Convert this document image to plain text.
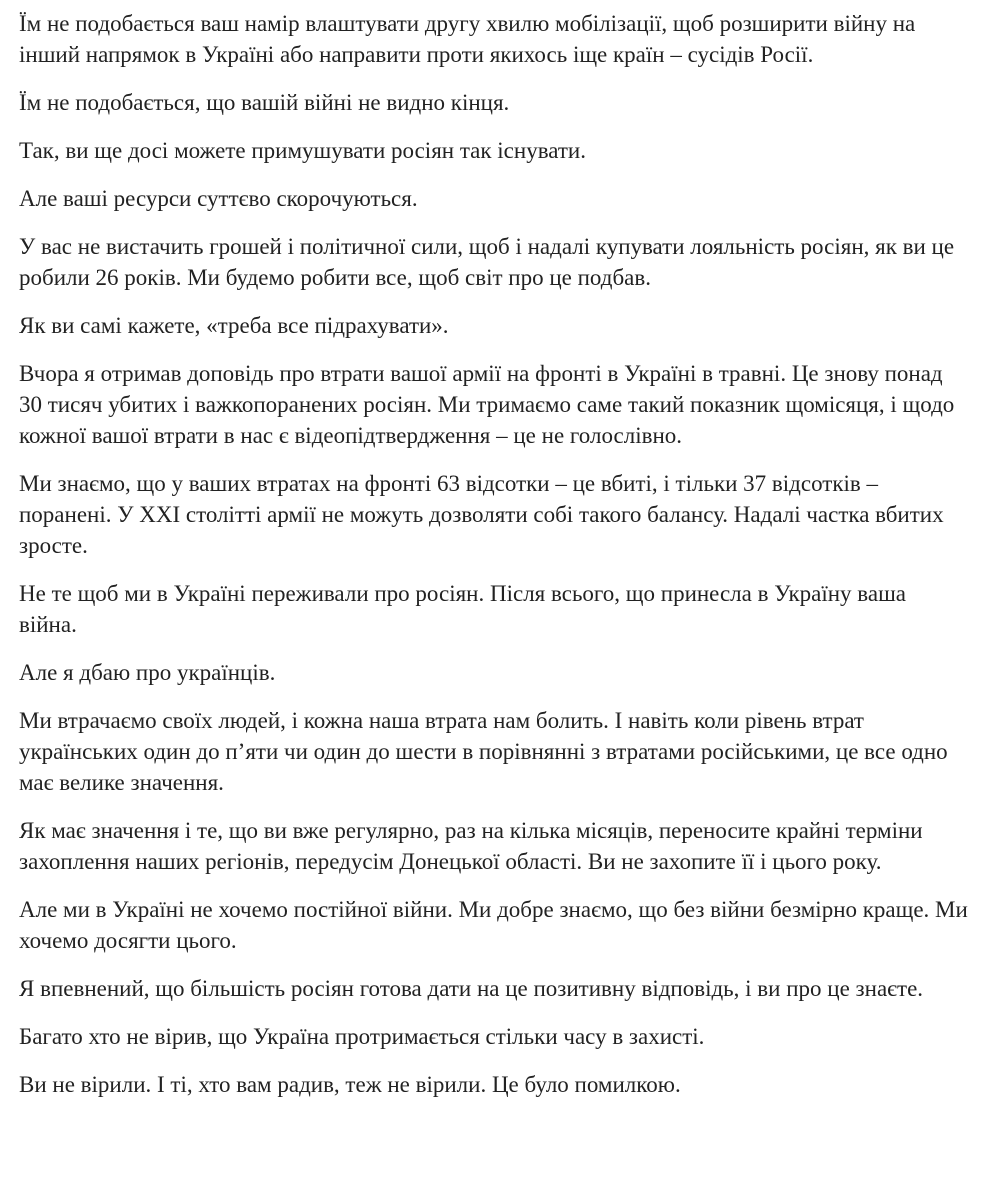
Їм не подобається ваш намір влаштувати другу хвилю мобілізації, щоб розширити війну на інший напрямок в Україні або направити проти якихось іще країн – сусідів Росії.

Їм не подобається, що вашій війні не видно кінця.

Так, ви ще досі можете примушувати росіян так існувати.

Але ваші ресурси суттєво скорочуються.

У вас не вистачить грошей і політичної сили, щоб і надалі купувати лояльність росіян, як ви це робили 26 років. Ми будемо робити все, щоб світ про це подбав.

Як ви самі кажете, «треба все підрахувати».

Вчора я отримав доповідь про втрати вашої армії на фронті в Україні в травні. Це знову понад 30 тисяч убитих і важкопоранених росіян. Ми тримаємо саме такий показник щомісяця, і щодо кожної вашої втрати в нас є відеопідтвердження – це не голослівно.

Ми знаємо, що у ваших втратах на фронті 63 відсотки – це вбиті, і тільки 37 відсотків – поранені. У XXI столітті армії не можуть дозволяти собі такого балансу. Надалі частка вбитих зросте.

Не те щоб ми в Україні переживали про росіян. Після всього, що принесла в Україну ваша війна.

Але я дбаю про українців.

Ми втрачаємо своїх людей, і кожна наша втрата нам болить. І навіть коли рівень втрат українських один до п’яти чи один до шести в порівнянні з втратами російськими, це все одно має велике значення.

Як має значення і те, що ви вже регулярно, раз на кілька місяців, переносите крайні терміни захоплення наших регіонів, передусім Донецької області. Ви не захопите її і цього року.

Але ми в Україні не хочемо постійної війни. Ми добре знаємо, що без війни безмірно краще. Ми хочемо досягти цього.

Я впевнений, що більшість росіян готова дати на це позитивну відповідь, і ви про це знаєте.

Багато хто не вірив, що Україна протримається стільки часу в захисті.

Ви не вірили. І ті, хто вам радив, теж не вірили. Це було помилкою.
